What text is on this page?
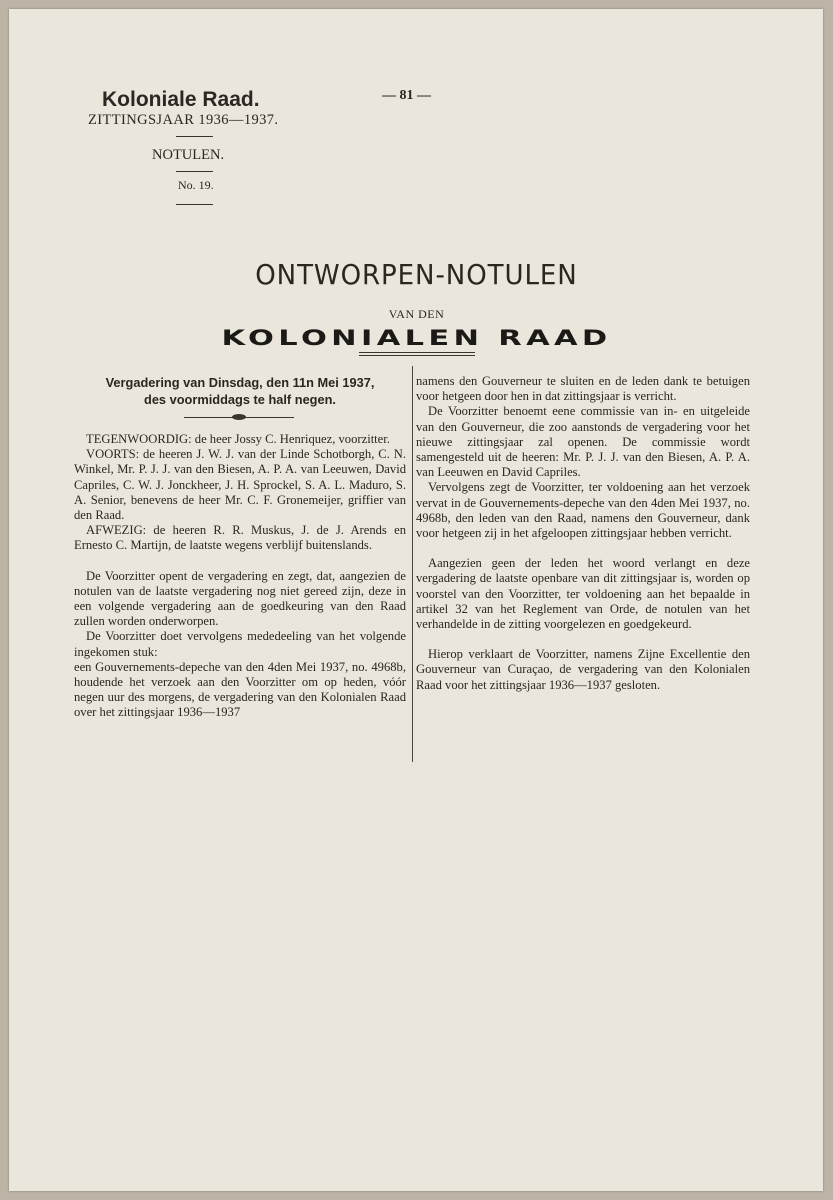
Koloniale Raad.
ZITTINGSJAAR 1936—1937.
— 81 —
NOTULEN.
No. 19.
ONTWORPEN-NOTULEN
VAN DEN
KOLONIALEN RAAD
Vergadering van Dinsdag, den 11n Mei 1937,
des voormiddags te half negen.

TEGENWOORDIG: de heer Jossy C. Henriquez, voorzitter.

VOORTS: de heeren J. W. J. van der Linde Schotborgh, C. N. Winkel, Mr. P. J. J. van den Biesen, A. P. A. van Leeuwen, David Capriles, C. W. J. Jonckheer, J. H. Sprockel, S. A. L. Maduro, S. A. Senior, benevens de heer Mr. C. F. Gronemeijer, griffier van den Raad.

AFWEZIG: de heeren R. R. Muskus, J. de J. Arends en Ernesto C. Martijn, de laatste wegens verblijf buitenslands.

De Voorzitter opent de vergadering en zegt, dat, aangezien de notulen van de laatste vergadering nog niet gereed zijn, deze in een volgende vergadering aan de goedkeuring van den Raad zullen worden onderworpen.

De Voorzitter doet vervolgens mededeeling van het volgende ingekomen stuk:

een Gouvernements-depeche van den 4den Mei 1937, no. 4968b, houdende het verzoek aan den Voorzitter om op heden, vóór negen uur des morgens, de vergadering van den Kolonialen Raad over het zittingsjaar 1936—1937

namens den Gouverneur te sluiten en de leden dank te betuigen voor hetgeen door hen in dat zittingsjaar is verricht.

De Voorzitter benoemt eene commissie van in- en uitgeleide van den Gouverneur, die zoo aanstonds de vergadering voor het nieuwe zittingsjaar zal openen. De commissie wordt samengesteld uit de heeren: Mr. P. J. J. van den Biesen, A. P. A. van Leeuwen en David Capriles.

Vervolgens zegt de Voorzitter, ter voldoening aan het verzoek vervat in de Gouvernements-depeche van den 4den Mei 1937, no. 4968b, den leden van den Raad, namens den Gouverneur, dank voor hetgeen zij in het afgeloopen zittingsjaar hebben verricht.

Aangezien geen der leden het woord verlangt en deze vergadering de laatste openbare van dit zittingsjaar is, worden op voorstel van den Voorzitter, ter voldoening aan het bepaalde in artikel 32 van het Reglement van Orde, de notulen van het verhandelde in de zitting voorgelezen en goedgekeurd.

Hierop verklaart de Voorzitter, namens Zijne Excellentie den Gouverneur van Curaçao, de vergadering van den Kolonialen Raad voor het zittingsjaar 1936—1937 gesloten.
